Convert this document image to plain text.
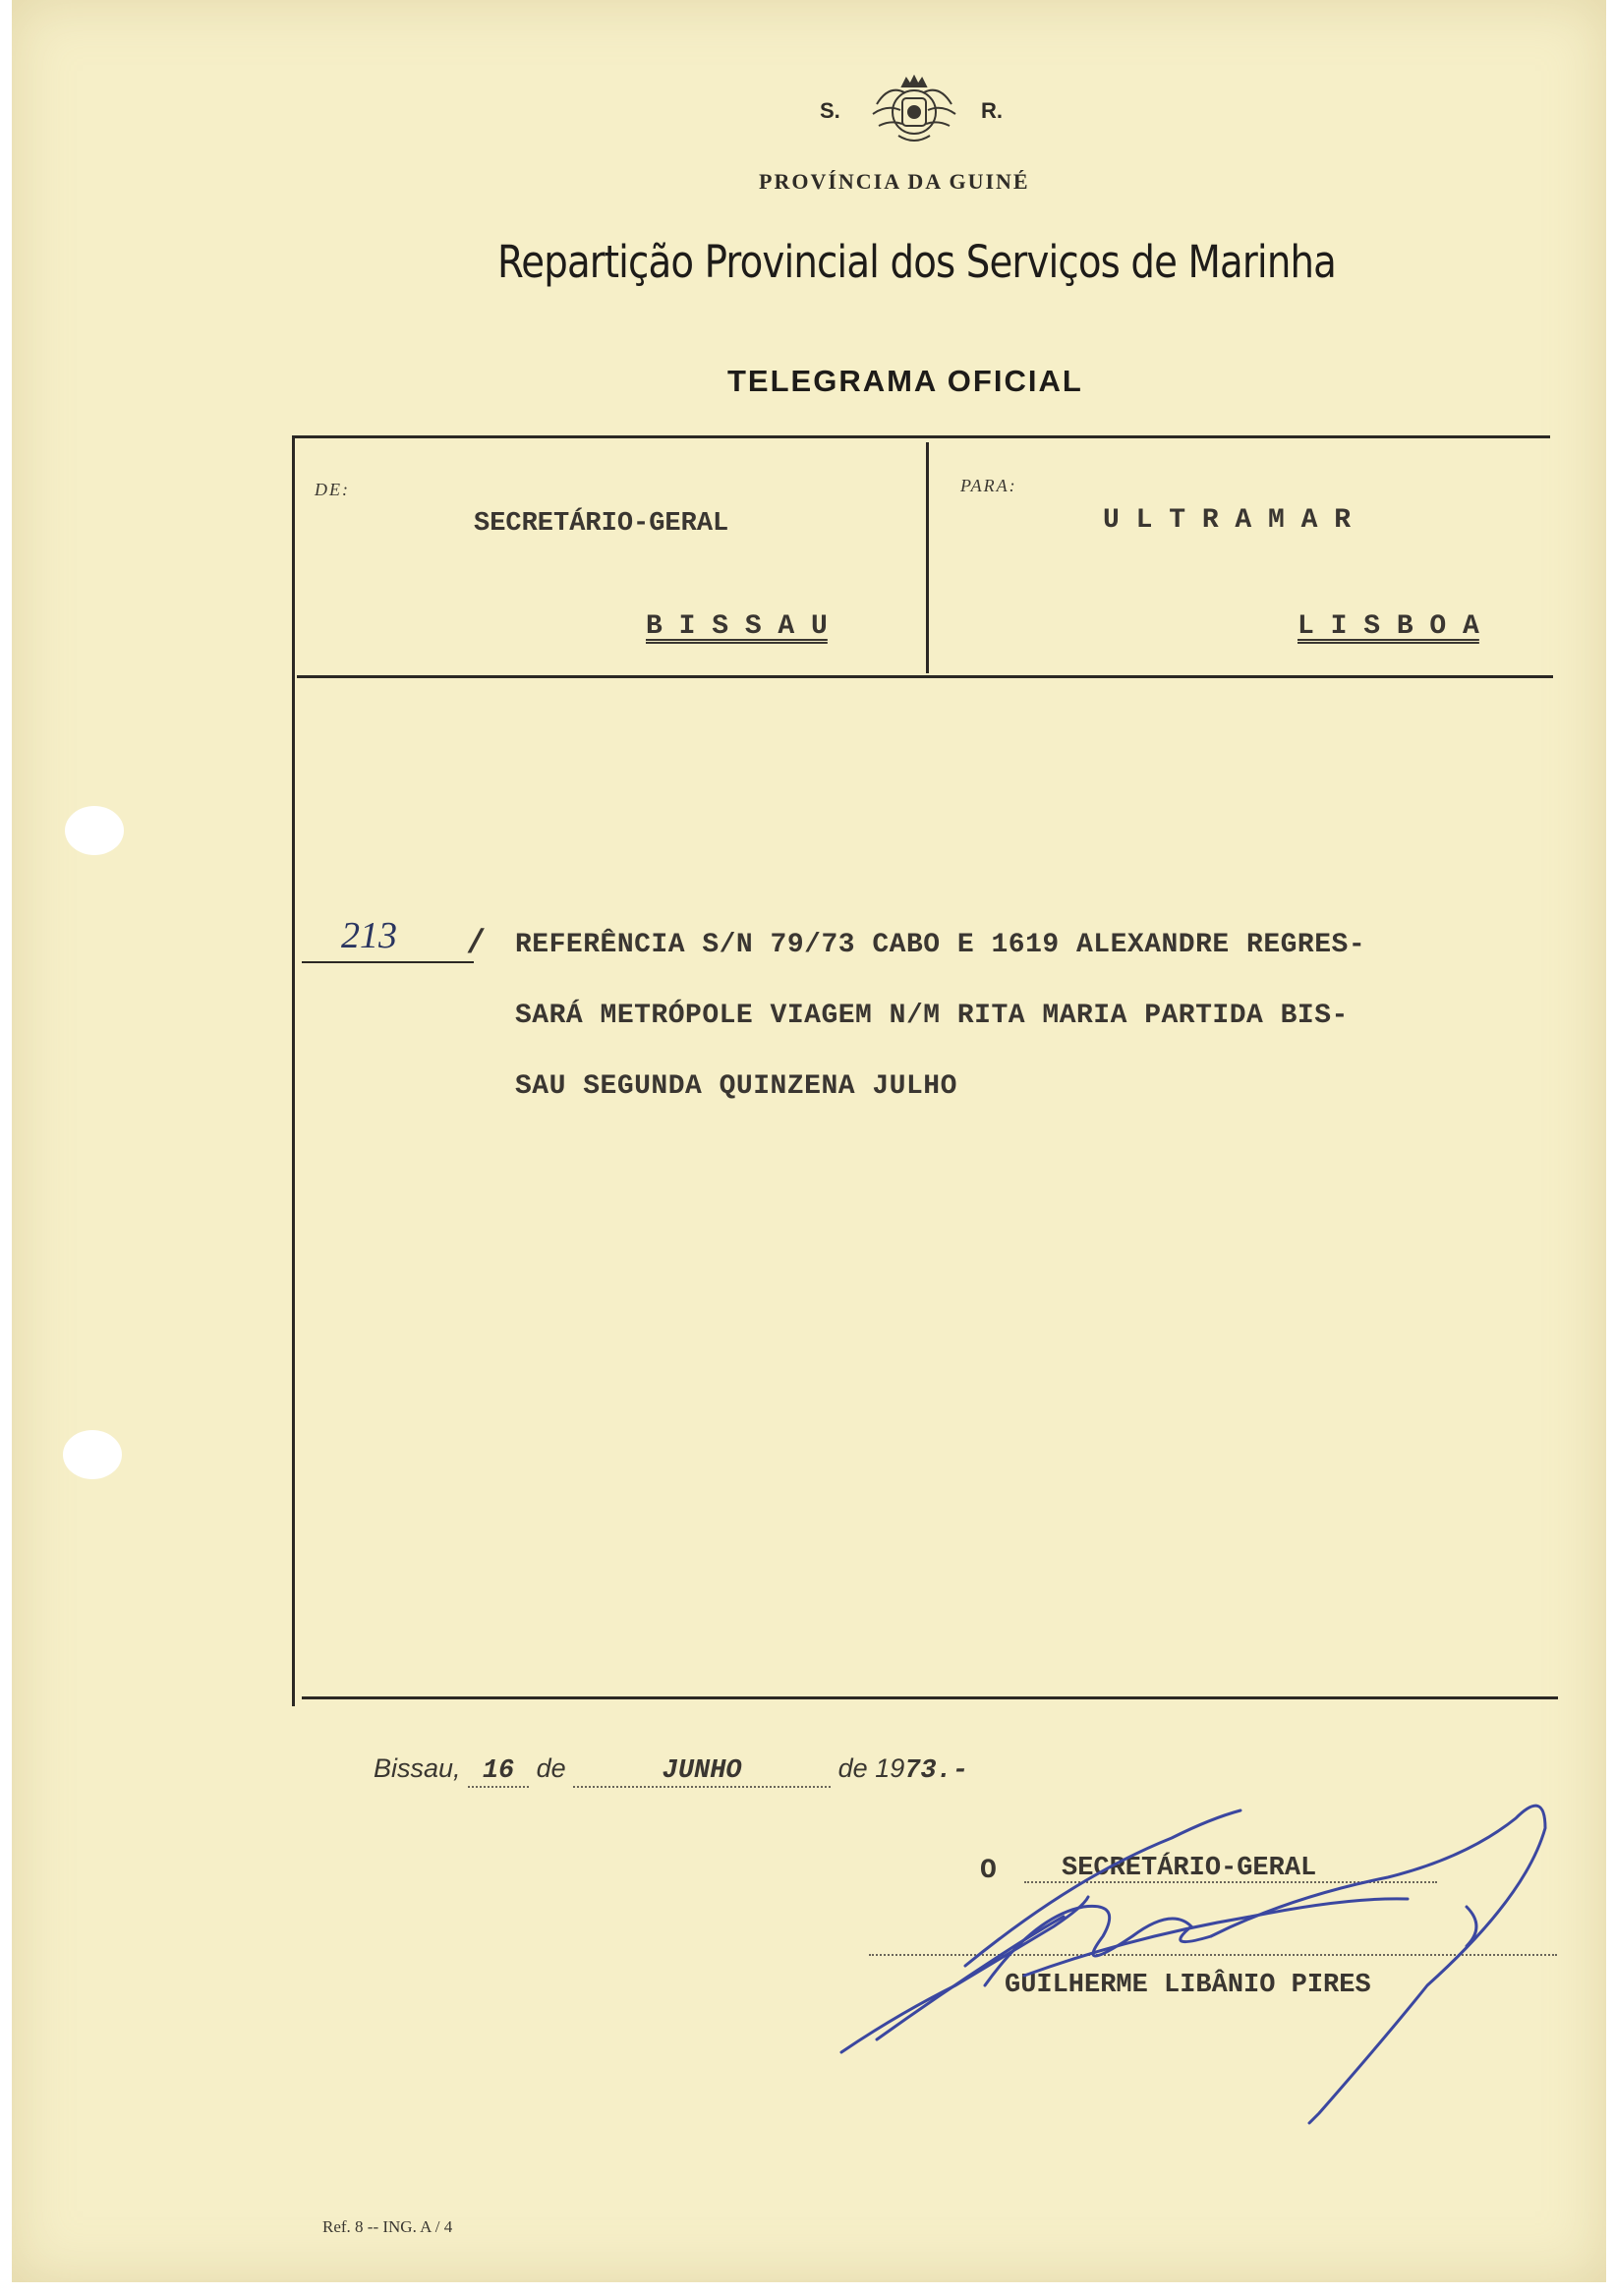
S.	R.
PROVÍNCIA DA GUINÉ
Repartição Provincial dos Serviços de Marinha
TELEGRAMA OFICIAL
DE:
SECRETÁRIO-GERAL
B I S S A U
PARA:
U L T R A M A R
L I S B O A
213 / REFERÊNCIA S/N 79/73 CABO E 1619 ALEXANDRE REGRES-
SARÁ METRÓPOLE VIAGEM N/M RITA MARIA PARTIDA BIS-
SAU SEGUNDA QUINZENA JULHO
Bissau, 16 de	JUNHO	de 1973.-
O SECRETÁRIO-GERAL
GUILHERME LIBÂNIO PIRES
Ref. 8 -- ING. A / 4
